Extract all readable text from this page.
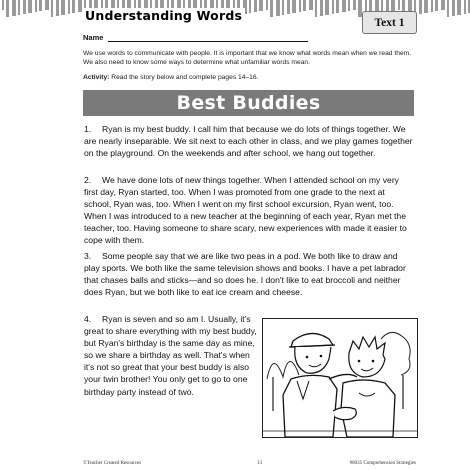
Understanding Words	Text 1
Name
We use words to communicate with people. It is important that we know what words mean when we read them. We also need to know some ways to determine what unfamiliar words mean.
Activity: Read the story below and complete pages 14–16.
Best Buddies
1. Ryan is my best buddy. I call him that because we do lots of things together. We are nearly inseparable. We sit next to each other in class, and we play games together on the playground. On the weekends and after school, we hang out together.
2. We have done lots of new things together. When I attended school on my very first day, Ryan started, too. When I was promoted from one grade to the next at school, Ryan was, too. When I went on my first school excursion, Ryan went, too. When I was introduced to a new teacher at the beginning of each year, Ryan met the teacher, too. Having someone to share scary, new experiences with made it easier to cope with them.
3. Some people say that we are like two peas in a pod. We both like to draw and play sports. We both like the same television shows and books. I have a pet labrador that chases balls and sticks—and so does he. I don't like to eat broccoli and neither does Ryan, but we both like to eat ice cream and cheese.
4. Ryan is seven and so am I. Usually, it's great to share everything with my best buddy, but Ryan's birthday is the same day as mine, so we share a birthday as well. That's when it's not so great that your best buddy is also your twin brother! You only get to go to one birthday party instead of two.
©Teacher Created Resources	13	#8035 Comprehension Strategies
